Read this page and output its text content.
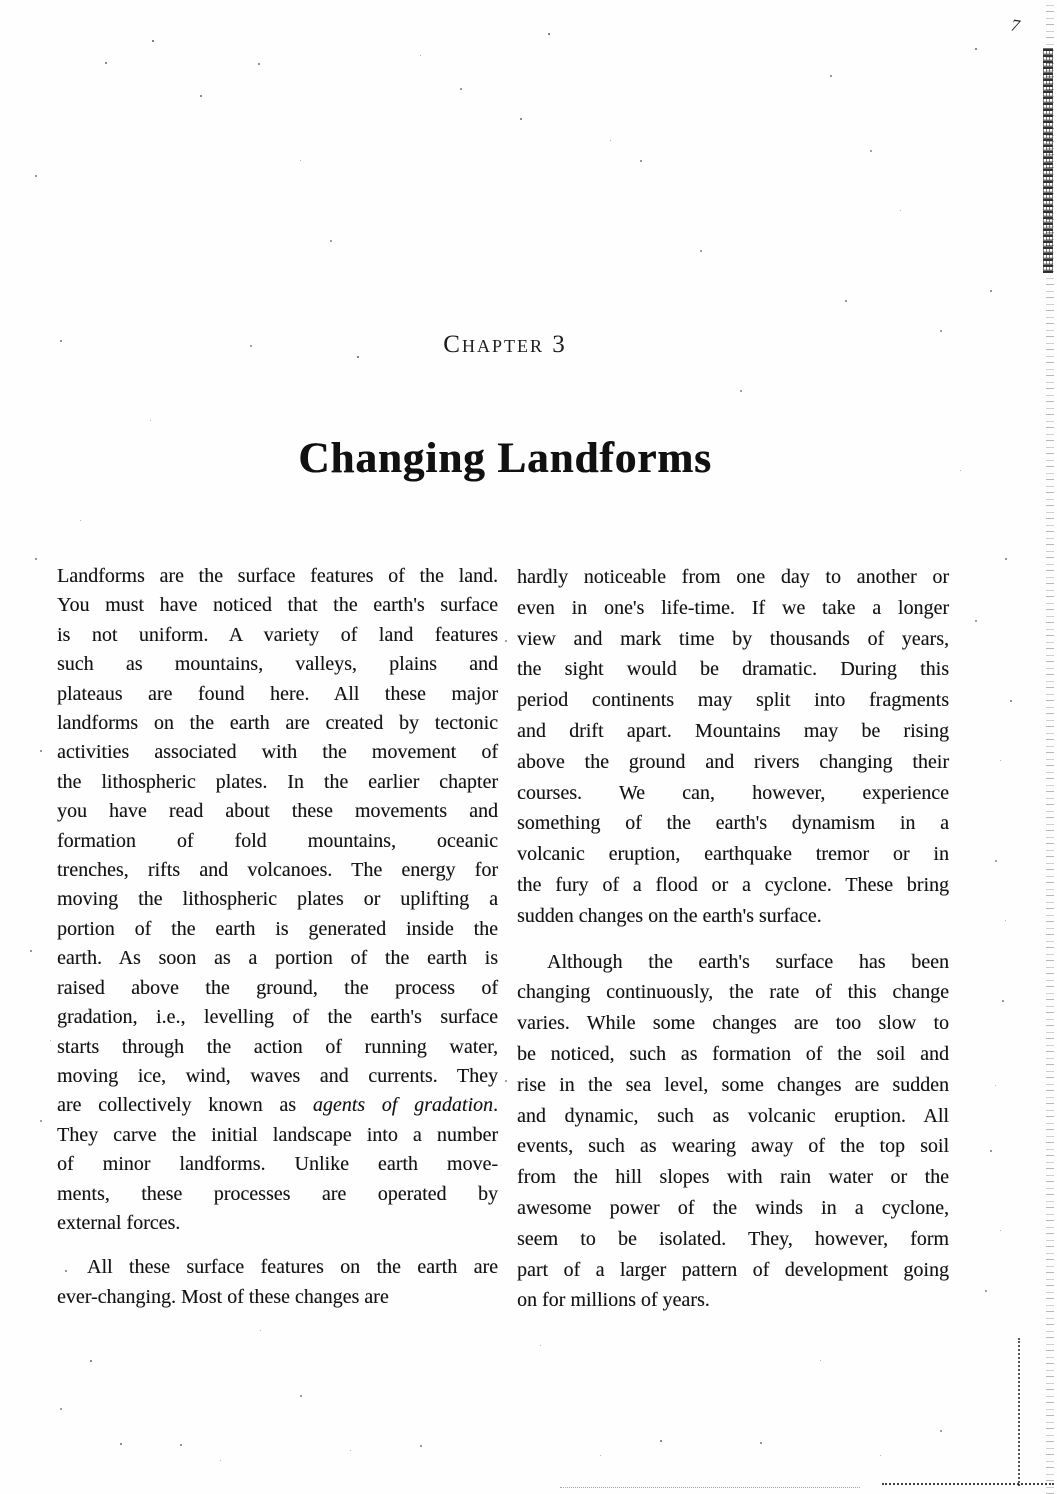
7
Chapter 3
Changing Landforms
Landforms are the surface features of the land.
You must have noticed that the earth's surface
is not uniform. A variety of land features
such as mountains, valleys, plains and
plateaus are found here. All these major
landforms on the earth are created by tectonic
activities associated with the movement of
the lithospheric plates. In the earlier chapter
you have read about these movements and
formation of fold mountains, oceanic
trenches, rifts and volcanoes. The energy for
moving the lithospheric plates or uplifting a
portion of the earth is generated inside the
earth. As soon as a portion of the earth is
raised above the ground, the process of
gradation, i.e., levelling of the earth's surface
starts through the action of running water,
moving ice, wind, waves and currents. They
are collectively known as agents of gradation.
They carve the initial landscape into a number
of minor landforms. Unlike earth move-
ments, these processes are operated by
external forces.
All these surface features on the earth are
ever-changing. Most of these changes are
hardly noticeable from one day to another or
even in one's life-time. If we take a longer
view and mark time by thousands of years,
the sight would be dramatic. During this
period continents may split into fragments
and drift apart. Mountains may be rising
above the ground and rivers changing their
courses. We can, however, experience
something of the earth's dynamism in a
volcanic eruption, earthquake tremor or in
the fury of a flood or a cyclone. These bring
sudden changes on the earth's surface.
Although the earth's surface has been
changing continuously, the rate of this change
varies. While some changes are too slow to
be noticed, such as formation of the soil and
rise in the sea level, some changes are sudden
and dynamic, such as volcanic eruption. All
events, such as wearing away of the top soil
from the hill slopes with rain water or the
awesome power of the winds in a cyclone,
seem to be isolated. They, however, form
part of a larger pattern of development going
on for millions of years.
